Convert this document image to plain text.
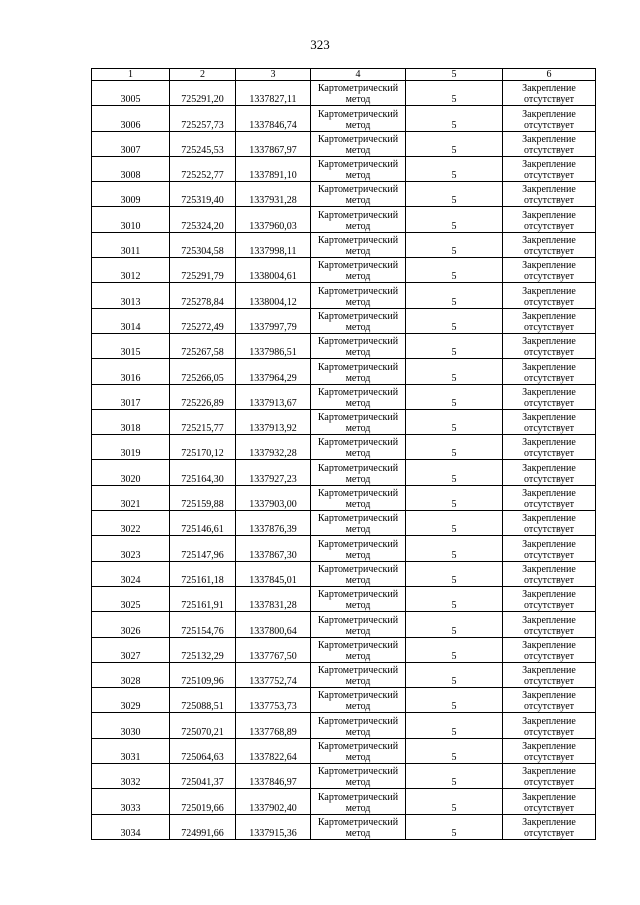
323
1	2	3	4	5	6
3005	725291,20	1337827,11	Картометрический метод	5	Закрепление отсутствует
3006	725257,73	1337846,74	Картометрический метод	5	Закрепление отсутствует
3007	725245,53	1337867,97	Картометрический метод	5	Закрепление отсутствует
3008	725252,77	1337891,10	Картометрический метод	5	Закрепление отсутствует
3009	725319,40	1337931,28	Картометрический метод	5	Закрепление отсутствует
3010	725324,20	1337960,03	Картометрический метод	5	Закрепление отсутствует
3011	725304,58	1337998,11	Картометрический метод	5	Закрепление отсутствует
3012	725291,79	1338004,61	Картометрический метод	5	Закрепление отсутствует
3013	725278,84	1338004,12	Картометрический метод	5	Закрепление отсутствует
3014	725272,49	1337997,79	Картометрический метод	5	Закрепление отсутствует
3015	725267,58	1337986,51	Картометрический метод	5	Закрепление отсутствует
3016	725266,05	1337964,29	Картометрический метод	5	Закрепление отсутствует
3017	725226,89	1337913,67	Картометрический метод	5	Закрепление отсутствует
3018	725215,77	1337913,92	Картометрический метод	5	Закрепление отсутствует
3019	725170,12	1337932,28	Картометрический метод	5	Закрепление отсутствует
3020	725164,30	1337927,23	Картометрический метод	5	Закрепление отсутствует
3021	725159,88	1337903,00	Картометрический метод	5	Закрепление отсутствует
3022	725146,61	1337876,39	Картометрический метод	5	Закрепление отсутствует
3023	725147,96	1337867,30	Картометрический метод	5	Закрепление отсутствует
3024	725161,18	1337845,01	Картометрический метод	5	Закрепление отсутствует
3025	725161,91	1337831,28	Картометрический метод	5	Закрепление отсутствует
3026	725154,76	1337800,64	Картометрический метод	5	Закрепление отсутствует
3027	725132,29	1337767,50	Картометрический метод	5	Закрепление отсутствует
3028	725109,96	1337752,74	Картометрический метод	5	Закрепление отсутствует
3029	725088,51	1337753,73	Картометрический метод	5	Закрепление отсутствует
3030	725070,21	1337768,89	Картометрический метод	5	Закрепление отсутствует
3031	725064,63	1337822,64	Картометрический метод	5	Закрепление отсутствует
3032	725041,37	1337846,97	Картометрический метод	5	Закрепление отсутствует
3033	725019,66	1337902,40	Картометрический метод	5	Закрепление отсутствует
3034	724991,66	1337915,36	Картометрический метод	5	Закрепление отсутствует
